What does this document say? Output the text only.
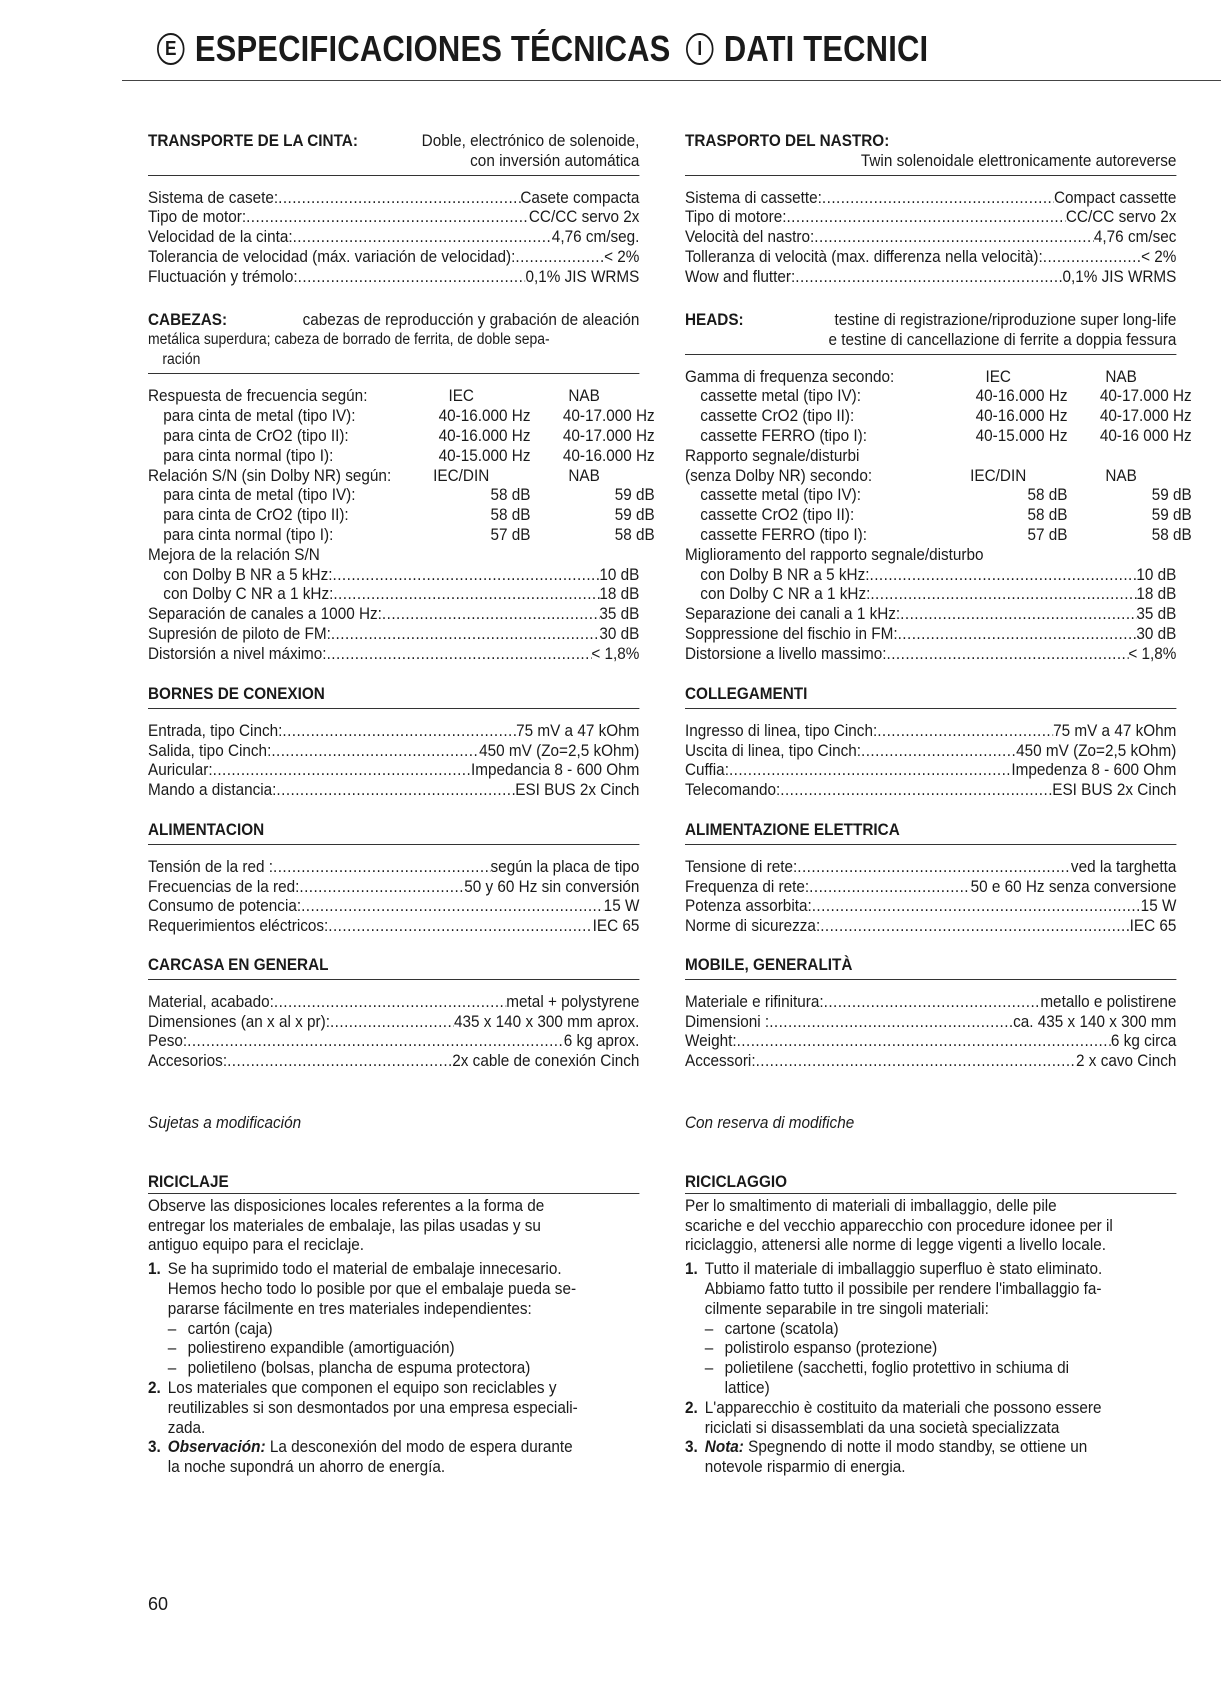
E ESPECIFICACIONES TÉCNICAS	I DATI TECNICI
TRANSPORTE DE LA CINTA:	Doble, electrónico de solenoide,
con inversión automática
Sistema de casete: .....	Casete compacta
Tipo de motor: .....	CC/CC servo 2x
Velocidad de la cinta: .....	4,76 cm/seg.
Tolerancia de velocidad (máx. variación de velocidad): .....	< 2%
Fluctuación y trémolo: .....	0,1% JIS WRMS
CABEZAS:	cabezas de reproducción y grabación de aleación
metálica superdura; cabeza de borrado de ferrita, de doble sepa-
ración
Respuesta de frecuencia según:	IEC	NAB
para cinta de metal (tipo IV):	40-16.000 Hz	40-17.000 Hz
para cinta de CrO2 (tipo II):	40-16.000 Hz	40-17.000 Hz
para cinta normal (tipo I):	40-15.000 Hz	40-16.000 Hz
Relación S/N (sin Dolby NR) según:	IEC/DIN	NAB
para cinta de metal (tipo IV):	58 dB	59 dB
para cinta de CrO2 (tipo II):	58 dB	59 dB
para cinta normal (tipo I):	57 dB	58 dB
Mejora de la relación S/N
con Dolby B NR a 5 kHz: .....	10 dB
con Dolby C NR a 1 kHz: .....	18 dB
Separación de canales a 1000 Hz: .....	35 dB
Supresión de piloto de FM: .....	30 dB
Distorsión a nivel máximo: .....	< 1,8%
BORNES DE CONEXION
Entrada, tipo Cinch: .....	75 mV a 47 kOhm
Salida, tipo Cinch: .....	450 mV (Zo=2,5 kOhm)
Auricular: .....	Impedancia 8 - 600 Ohm
Mando a distancia: .....	ESI BUS 2x Cinch
ALIMENTACION
Tensión de la red : .....	según la placa de tipo
Frecuencias de la red: .....	50 y 60 Hz sin conversión
Consumo de potencia: .....	15 W
Requerimientos eléctricos: .....	IEC 65
CARCASA EN GENERAL
Material, acabado: .....	metal + polystyrene
Dimensiones (an x al x pr): .....	435 x 140 x 300 mm aprox.
Peso: .....	6 kg aprox.
Accesorios: .....	2x cable de conexión Cinch
Sujetas a modificación
RICICLAJE
Observe las disposiciones locales referentes a la forma de
entregar los materiales de embalaje, las pilas usadas y su
antiguo equipo para el reciclaje.
1. Se ha suprimido todo el material de embalaje innecesario.
Hemos hecho todo lo posible por que el embalaje pueda se-
pararse fácilmente en tres materiales independientes:
– cartón (caja)
– poliestireno expandible (amortiguación)
– polietileno (bolsas, plancha de espuma protectora)
2. Los materiales que componen el equipo son reciclables y
reutilizables si son desmontados por una empresa especiali-
zada.
3. Observación: La desconexión del modo de espera durante
la noche supondrá un ahorro de energía.
TRASPORTO DEL NASTRO:
Twin solenoidale elettronicamente autoreverse
Sistema di cassette: .....	Compact cassette
Tipo di motore: .....	CC/CC servo 2x
Velocità del nastro: .....	4,76 cm/sec
Tolleranza di velocità (max. differenza nella velocità): .....	< 2%
Wow and flutter: .....	0,1% JIS WRMS
HEADS:	testine di registrazione/riproduzione super long-life
e testine di cancellazione di ferrite a doppia fessura
Gamma di frequenza secondo:	IEC	NAB
cassette metal (tipo IV):	40-16.000 Hz	40-17.000 Hz
cassette CrO2 (tipo II):	40-16.000 Hz	40-17.000 Hz
cassette FERRO (tipo I):	40-15.000 Hz	40-16 000 Hz
Rapporto segnale/disturbi
(senza Dolby NR) secondo:	IEC/DIN	NAB
cassette metal (tipo IV):	58 dB	59 dB
cassette CrO2 (tipo II):	58 dB	59 dB
cassette FERRO (tipo I):	57 dB	58 dB
Miglioramento del rapporto segnale/disturbo
con Dolby B NR a 5 kHz: .....	10 dB
con Dolby C NR a 1 kHz: .....	18 dB
Separazione dei canali a 1 kHz: .....	35 dB
Soppressione del fischio in FM: .....	30 dB
Distorsione a livello massimo: .....	< 1,8%
COLLEGAMENTI
Ingresso di linea, tipo Cinch: .....	75 mV a 47 kOhm
Uscita di linea, tipo Cinch: .....	450 mV (Zo=2,5 kOhm)
Cuffia: .....	Impedenza 8 - 600 Ohm
Telecomando: .....	ESI BUS 2x Cinch
ALIMENTAZIONE ELETTRICA
Tensione di rete: .....	ved la targhetta
Frequenza di rete: .....	50 e 60 Hz senza conversione
Potenza assorbita: .....	15 W
Norme di sicurezza: .....	IEC 65
MOBILE, GENERALITÀ
Materiale e rifinitura: .....	metallo e polistirene
Dimensioni : .....	ca. 435 x 140 x 300 mm
Weight: .....	6 kg circa
Accessori: .....	2 x cavo Cinch
Con reserva di modifiche
RICICLAGGIO
Per lo smaltimento di materiali di imballaggio, delle pile
scariche e del vecchio apparecchio con procedure idonee per il
riciclaggio, attenersi alle norme di legge vigenti a livello locale.
1. Tutto il materiale di imballaggio superfluo è stato eliminato.
Abbiamo fatto tutto il possibile per rendere l'imballaggio fa-
cilmente separabile in tre singoli materiali:
– cartone (scatola)
– polistirolo espanso (protezione)
– polietilene (sacchetti, foglio protettivo in schiuma di
lattice)
2. L'apparecchio è costituito da materiali che possono essere
riciclati si disassemblati da una società specializzata
3. Nota: Spegnendo di notte il modo standby, se ottiene un
notevole risparmio di energia.
60
